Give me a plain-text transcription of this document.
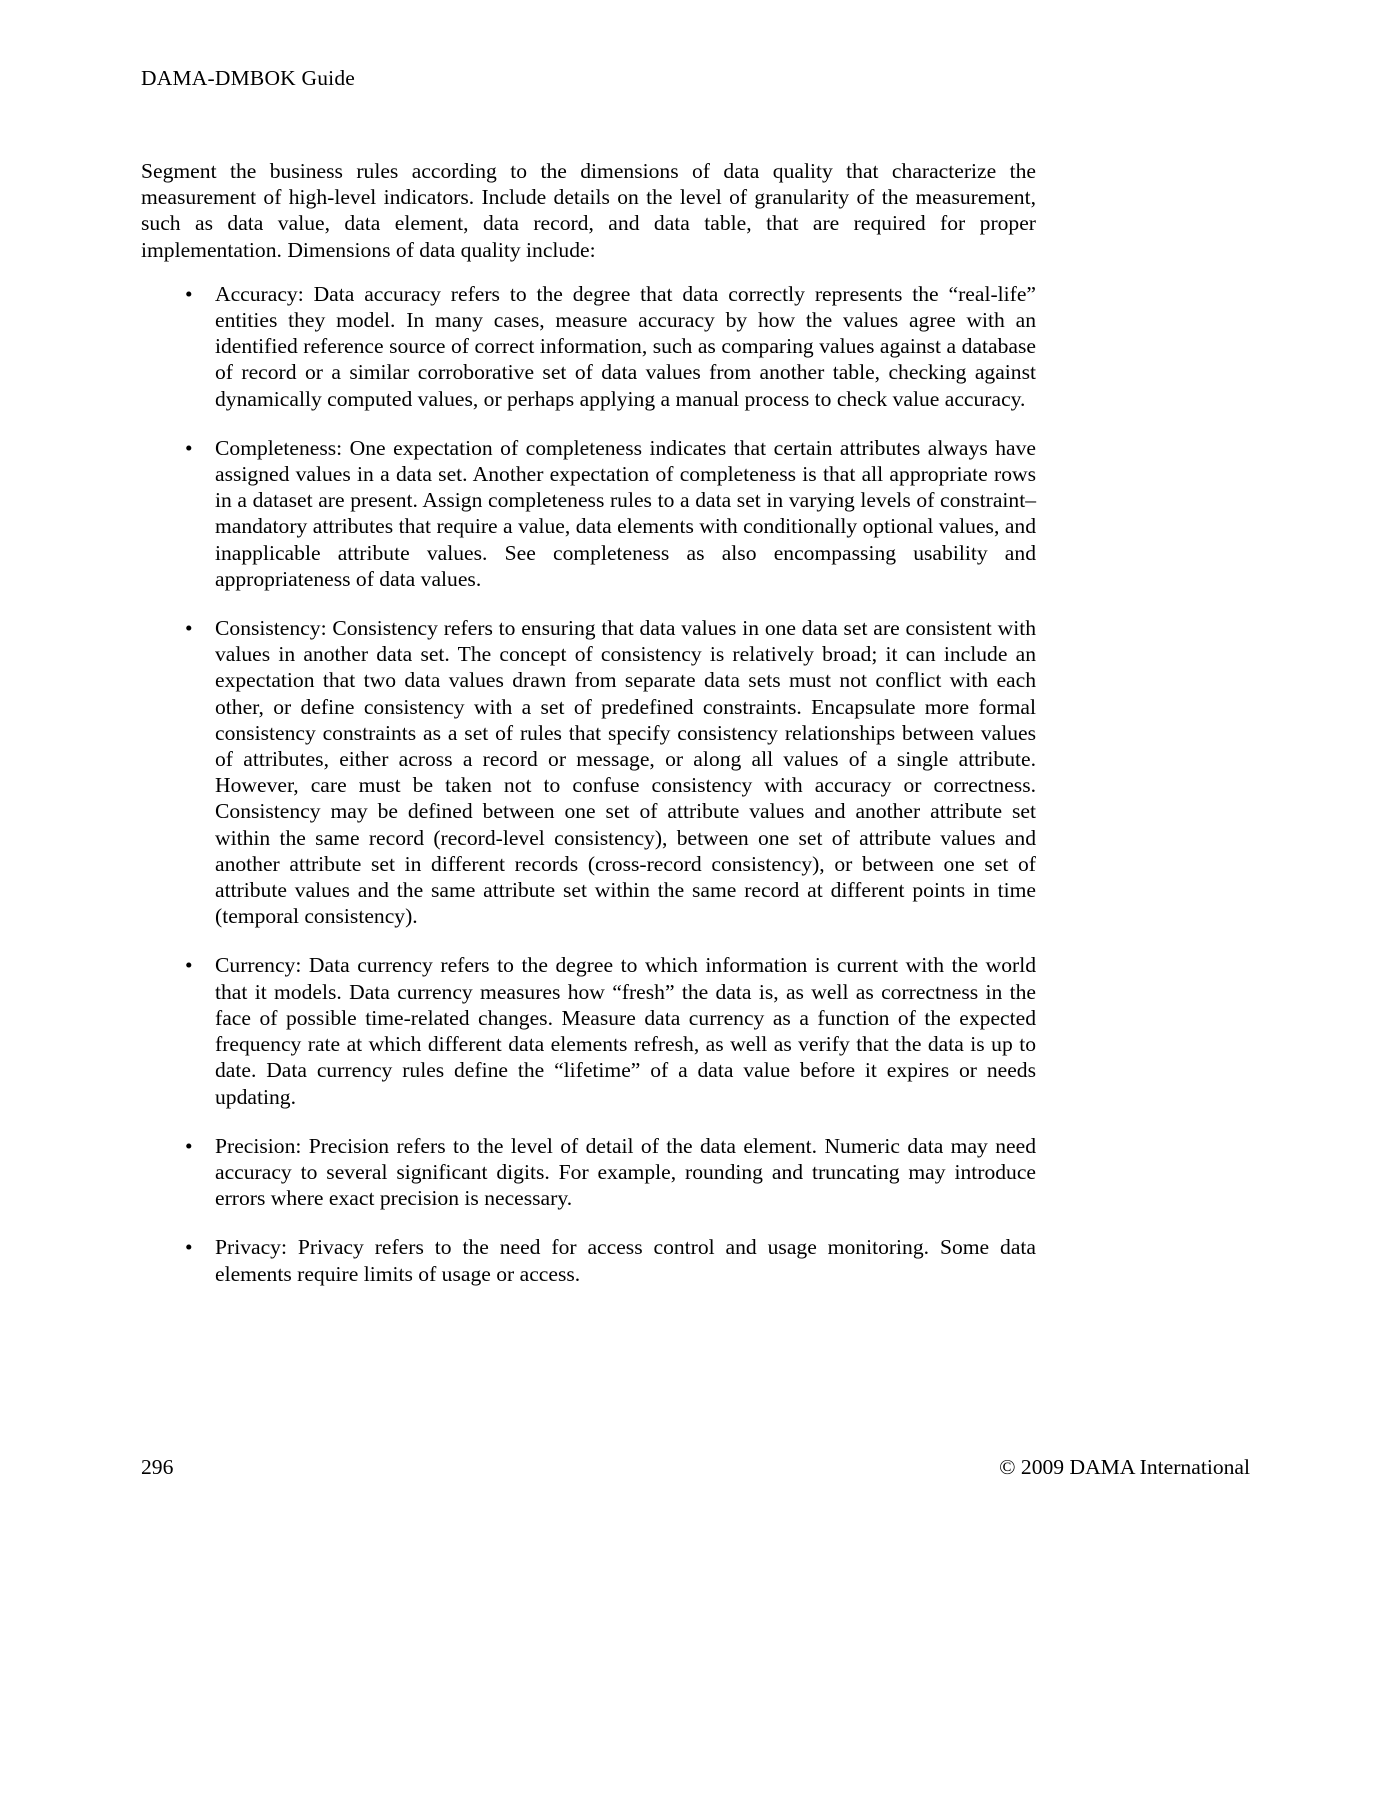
DAMA-DMBOK Guide

Segment the business rules according to the dimensions of data quality that characterize the measurement of high-level indicators. Include details on the level of granularity of the measurement, such as data value, data element, data record, and data table, that are required for proper implementation. Dimensions of data quality include:

• Accuracy: Data accuracy refers to the degree that data correctly represents the “real-life” entities they model. In many cases, measure accuracy by how the values agree with an identified reference source of correct information, such as comparing values against a database of record or a similar corroborative set of data values from another table, checking against dynamically computed values, or perhaps applying a manual process to check value accuracy.
• Completeness: One expectation of completeness indicates that certain attributes always have assigned values in a data set. Another expectation of completeness is that all appropriate rows in a dataset are present. Assign completeness rules to a data set in varying levels of constraint–mandatory attributes that require a value, data elements with conditionally optional values, and inapplicable attribute values. See completeness as also encompassing usability and appropriateness of data values.
• Consistency: Consistency refers to ensuring that data values in one data set are consistent with values in another data set. The concept of consistency is relatively broad; it can include an expectation that two data values drawn from separate data sets must not conflict with each other, or define consistency with a set of predefined constraints. Encapsulate more formal consistency constraints as a set of rules that specify consistency relationships between values of attributes, either across a record or message, or along all values of a single attribute. However, care must be taken not to confuse consistency with accuracy or correctness. Consistency may be defined between one set of attribute values and another attribute set within the same record (record-level consistency), between one set of attribute values and another attribute set in different records (cross-record consistency), or between one set of attribute values and the same attribute set within the same record at different points in time (temporal consistency).
• Currency: Data currency refers to the degree to which information is current with the world that it models. Data currency measures how “fresh” the data is, as well as correctness in the face of possible time-related changes. Measure data currency as a function of the expected frequency rate at which different data elements refresh, as well as verify that the data is up to date. Data currency rules define the “lifetime” of a data value before it expires or needs updating.
• Precision: Precision refers to the level of detail of the data element. Numeric data may need accuracy to several significant digits. For example, rounding and truncating may introduce errors where exact precision is necessary.
• Privacy: Privacy refers to the need for access control and usage monitoring. Some data elements require limits of usage or access.
296	© 2009 DAMA International
